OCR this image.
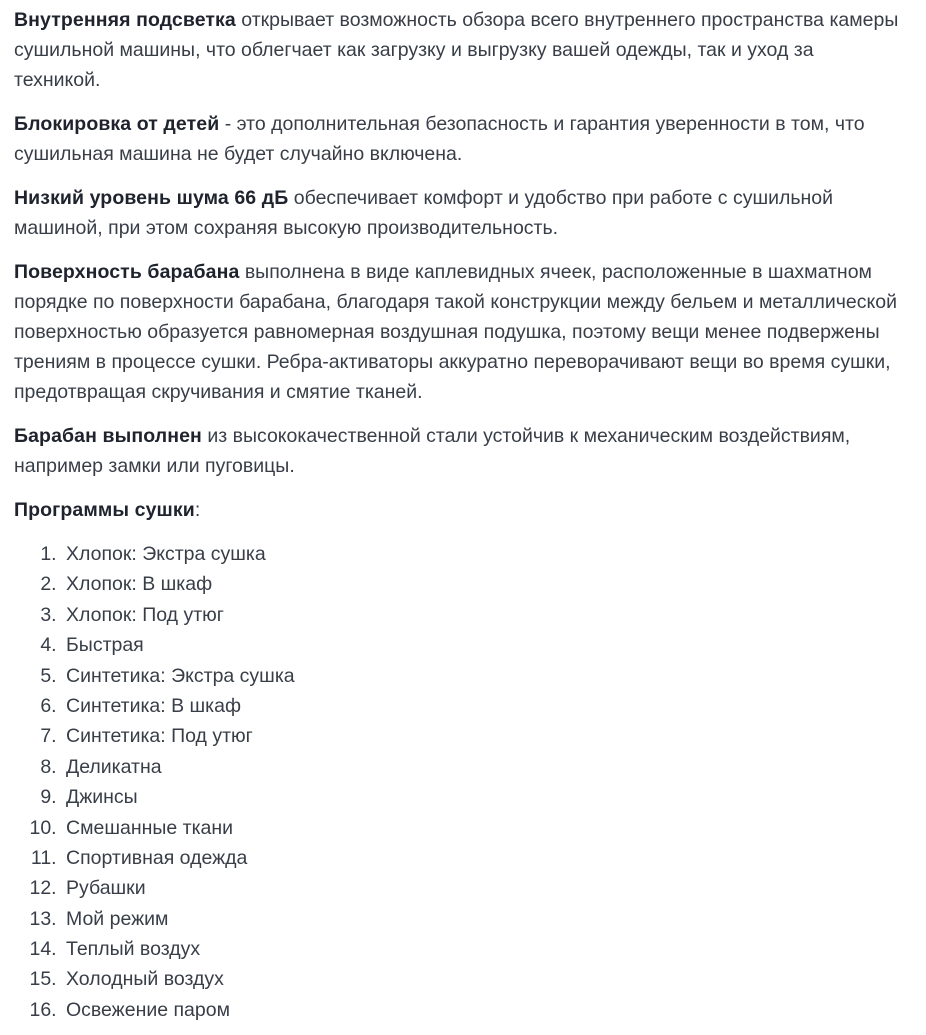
Внутренняя подсветка открывает возможность обзора всего внутреннего пространства камеры сушильной машины, что облегчает как загрузку и выгрузку вашей одежды, так и уход за техникой.

Блокировка от детей - это дополнительная безопасность и гарантия уверенности в том, что сушильная машина не будет случайно включена.

Низкий уровень шума 66 дБ обеспечивает комфорт и удобство при работе с сушильной машиной, при этом сохраняя высокую производительность.

Поверхность барабана выполнена в виде каплевидных ячеек, расположенные в шахматном порядке по поверхности барабана, благодаря такой конструкции между бельем и металлической поверхностью образуется равномерная воздушная подушка, поэтому вещи менее подвержены трениям в процессе сушки. Ребра-активаторы аккуратно переворачивают вещи во время сушки, предотвращая скручивания и смятие тканей.

Барабан выполнен из высококачественной стали устойчив к механическим воздействиям, например замки или пуговицы.

Программы сушки:

1. Хлопок: Экстра сушка
2. Хлопок: В шкаф
3. Хлопок: Под утюг
4. Быстрая
5. Синтетика: Экстра сушка
6. Синтетика: В шкаф
7. Синтетика: Под утюг
8. Деликатна
9. Джинсы
10. Смешанные ткани
11. Спортивная одежда
12. Рубашки
13. Мой режим
14. Теплый воздух
15. Холодный воздух
16. Освежение паром
